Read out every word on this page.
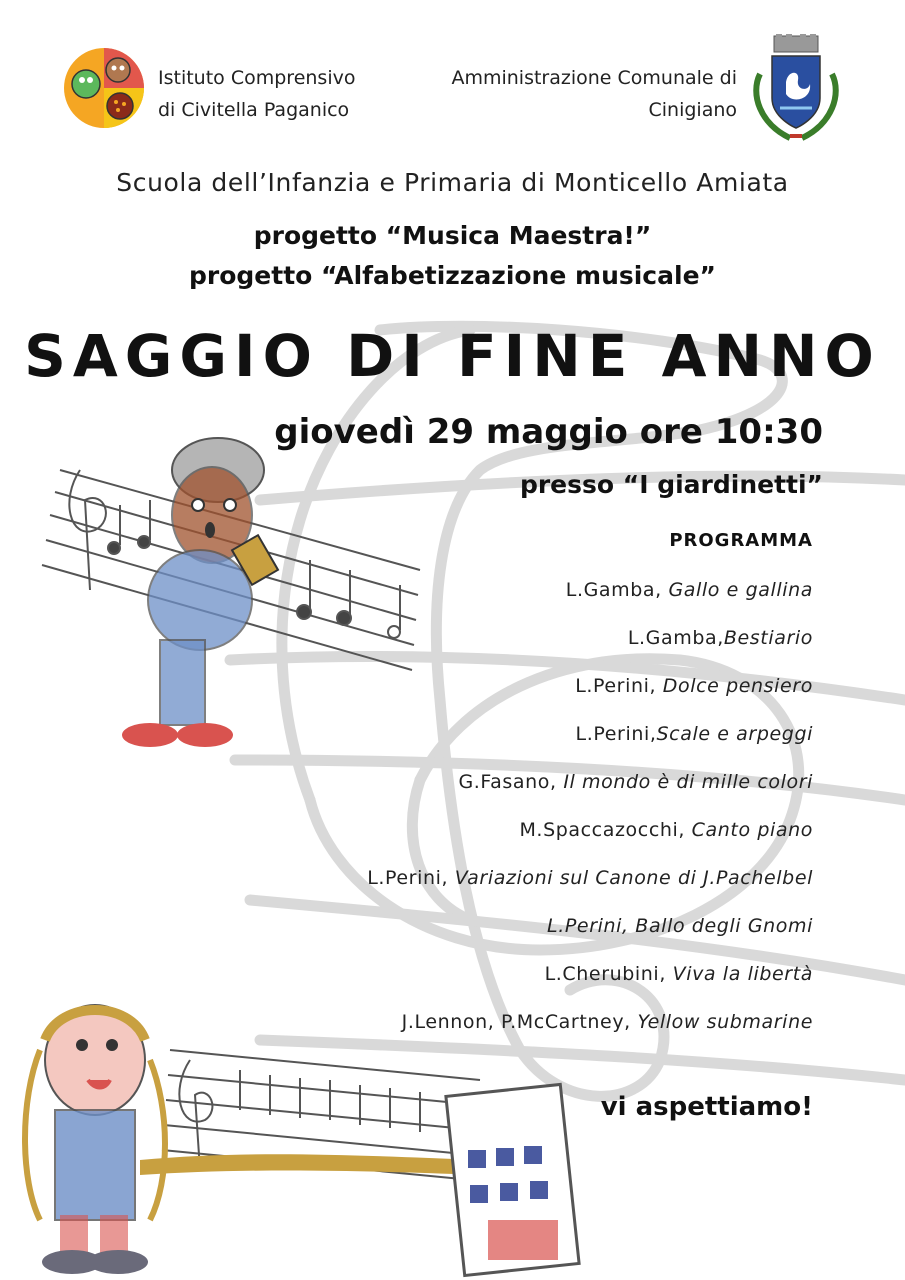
Istituto Comprensivo
di Civitella Paganico
Amministrazione Comunale di
Cinigiano
Scuola dell’Infanzia e Primaria di Monticello Amiata
progetto “Musica Maestra!”
progetto “Alfabetizzazione musicale”
SAGGIO DI FINE ANNO
giovedì 29 maggio ore 10:30
presso “I giardinetti”
PROGRAMMA
L.Gamba, Gallo e gallina
L.Gamba,Bestiario
L.Perini, Dolce pensiero
L.Perini,Scale e arpeggi
G.Fasano, Il mondo è di mille colori
M.Spaccazocchi, Canto piano
L.Perini, Variazioni sul Canone di J.Pachelbel
L.Perini, Ballo degli Gnomi
L.Cherubini, Viva la libertà
J.Lennon, P.McCartney, Yellow submarine
vi aspettiamo!
